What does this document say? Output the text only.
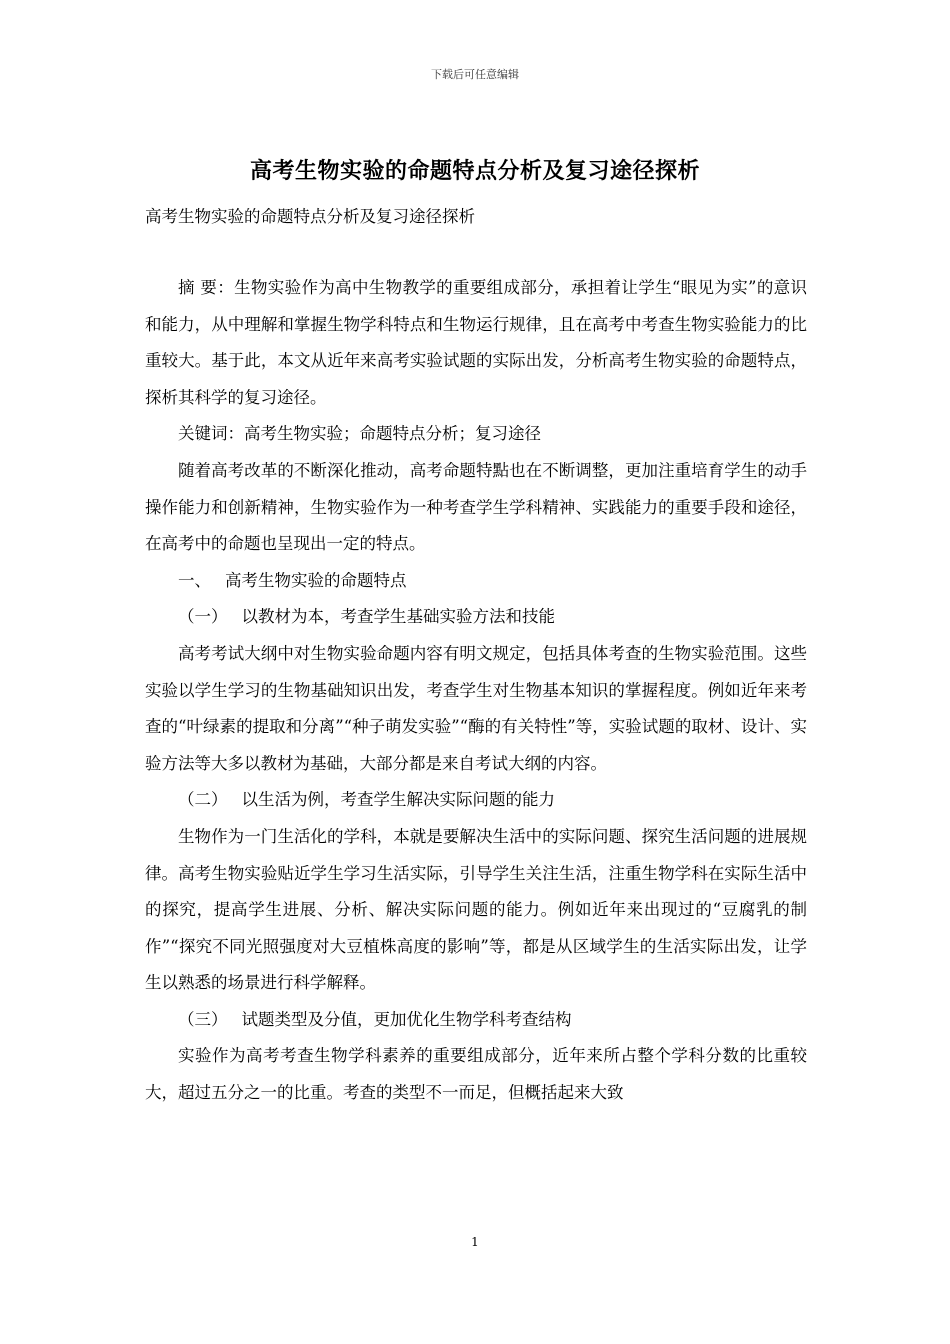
下载后可任意编辑
高考生物实验的命题特点分析及复习途径探析
高考生物实验的命题特点分析及复习途径探析

摘 要：生物实验作为高中生物教学的重要组成部分，承担着让学生“眼见为实”的意识和能力，从中理解和掌握生物学科特点和生物运行规律，且在高考中考查生物实验能力的比重较大。基于此，本文从近年来高考实验试题的实际出发，分析高考生物实验的命题特点，探析其科学的复习途径。

关键词：高考生物实验；命题特点分析；复习途径

随着高考改革的不断深化推动，高考命题特點也在不断调整，更加注重培育学生的动手操作能力和创新精神，生物实验作为一种考查学生学科精神、实践能力的重要手段和途径，在高考中的命题也呈现出一定的特点。

一、 高考生物实验的命题特点

（一） 以教材为本，考查学生基础实验方法和技能

高考考试大纲中对生物实验命题内容有明文规定，包括具体考查的生物实验范围。这些实验以学生学习的生物基础知识出发，考查学生对生物基本知识的掌握程度。例如近年来考查的“叶绿素的提取和分离”“种子萌发实验”“酶的有关特性”等，实验试题的取材、设计、实验方法等大多以教材为基础，大部分都是来自考试大纲的内容。

（二） 以生活为例，考查学生解决实际问题的能力

生物作为一门生活化的学科，本就是要解决生活中的实际问题、探究生活问题的进展规律。高考生物实验贴近学生学习生活实际，引导学生关注生活，注重生物学科在实际生活中的探究，提高学生进展、分析、解决实际问题的能力。例如近年来出现过的“豆腐乳的制作”“探究不同光照强度对大豆植株高度的影响”等，都是从区域学生的生活实际出发，让学生以熟悉的场景进行科学解释。

（三） 试题类型及分值，更加优化生物学科考查结构

实验作为高考考查生物学科素养的重要组成部分，近年来所占整个学科分数的比重较大，超过五分之一的比重。考查的类型不一而足，但概括起来大致

1
